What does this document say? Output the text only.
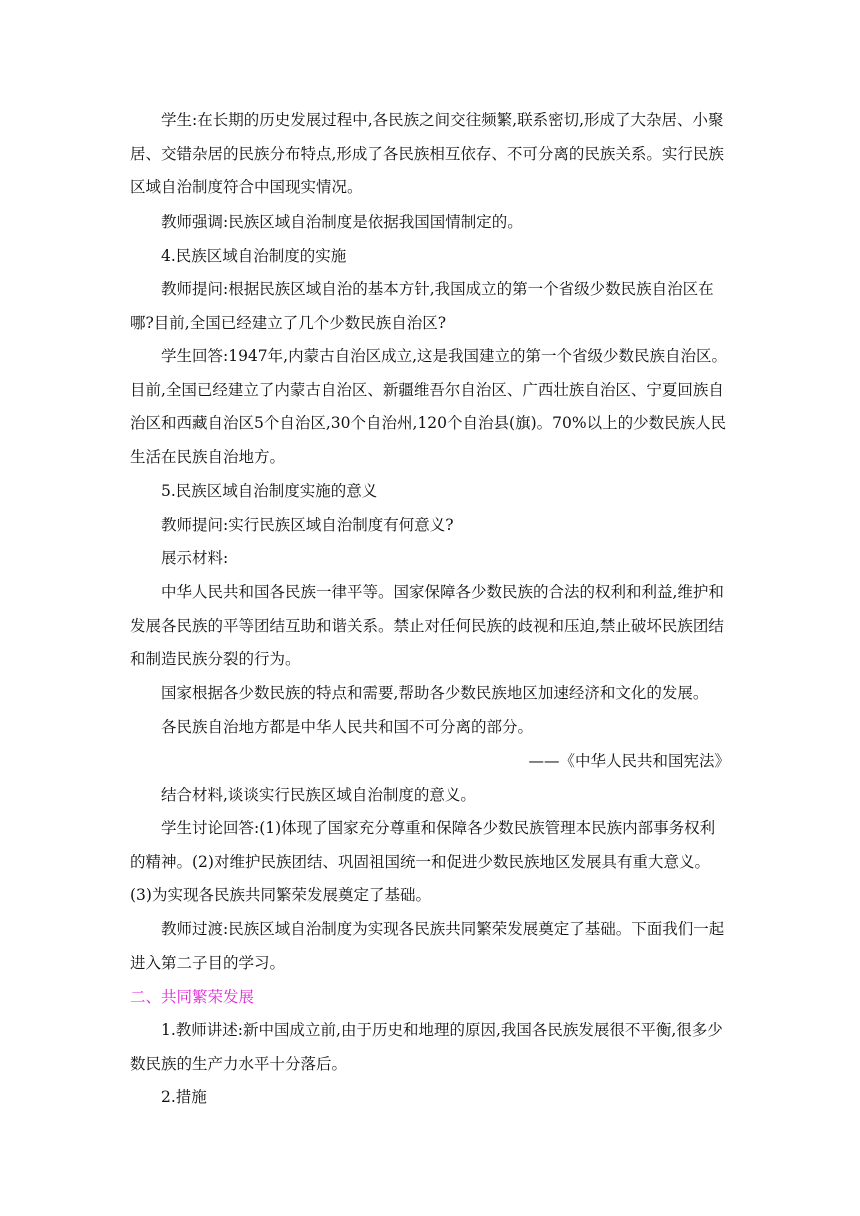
学生:在长期的历史发展过程中,各民族之间交往频繁,联系密切,形成了大杂居、小聚居、交错杂居的民族分布特点,形成了各民族相互依存、不可分离的民族关系。实行民族区域自治制度符合中国现实情况。

教师强调:民族区域自治制度是依据我国国情制定的。

4.民族区域自治制度的实施

教师提问:根据民族区域自治的基本方针,我国成立的第一个省级少数民族自治区在哪?目前,全国已经建立了几个少数民族自治区?

学生回答:1947年,内蒙古自治区成立,这是我国建立的第一个省级少数民族自治区。目前,全国已经建立了内蒙古自治区、新疆维吾尔自治区、广西壮族自治区、宁夏回族自治区和西藏自治区5个自治区,30个自治州,120个自治县(旗)。70%以上的少数民族人民生活在民族自治地方。

5.民族区域自治制度实施的意义

教师提问:实行民族区域自治制度有何意义?

展示材料:

中华人民共和国各民族一律平等。国家保障各少数民族的合法的权利和利益,维护和发展各民族的平等团结互助和谐关系。禁止对任何民族的歧视和压迫,禁止破坏民族团结和制造民族分裂的行为。

国家根据各少数民族的特点和需要,帮助各少数民族地区加速经济和文化的发展。

各民族自治地方都是中华人民共和国不可分离的部分。

——《中华人民共和国宪法》

结合材料,谈谈实行民族区域自治制度的意义。

学生讨论回答:(1)体现了国家充分尊重和保障各少数民族管理本民族内部事务权利的精神。(2)对维护民族团结、巩固祖国统一和促进少数民族地区发展具有重大意义。(3)为实现各民族共同繁荣发展奠定了基础。

教师过渡:民族区域自治制度为实现各民族共同繁荣发展奠定了基础。下面我们一起进入第二子目的学习。

二、共同繁荣发展

1.教师讲述:新中国成立前,由于历史和地理的原因,我国各民族发展很不平衡,很多少数民族的生产力水平十分落后。

2.措施
